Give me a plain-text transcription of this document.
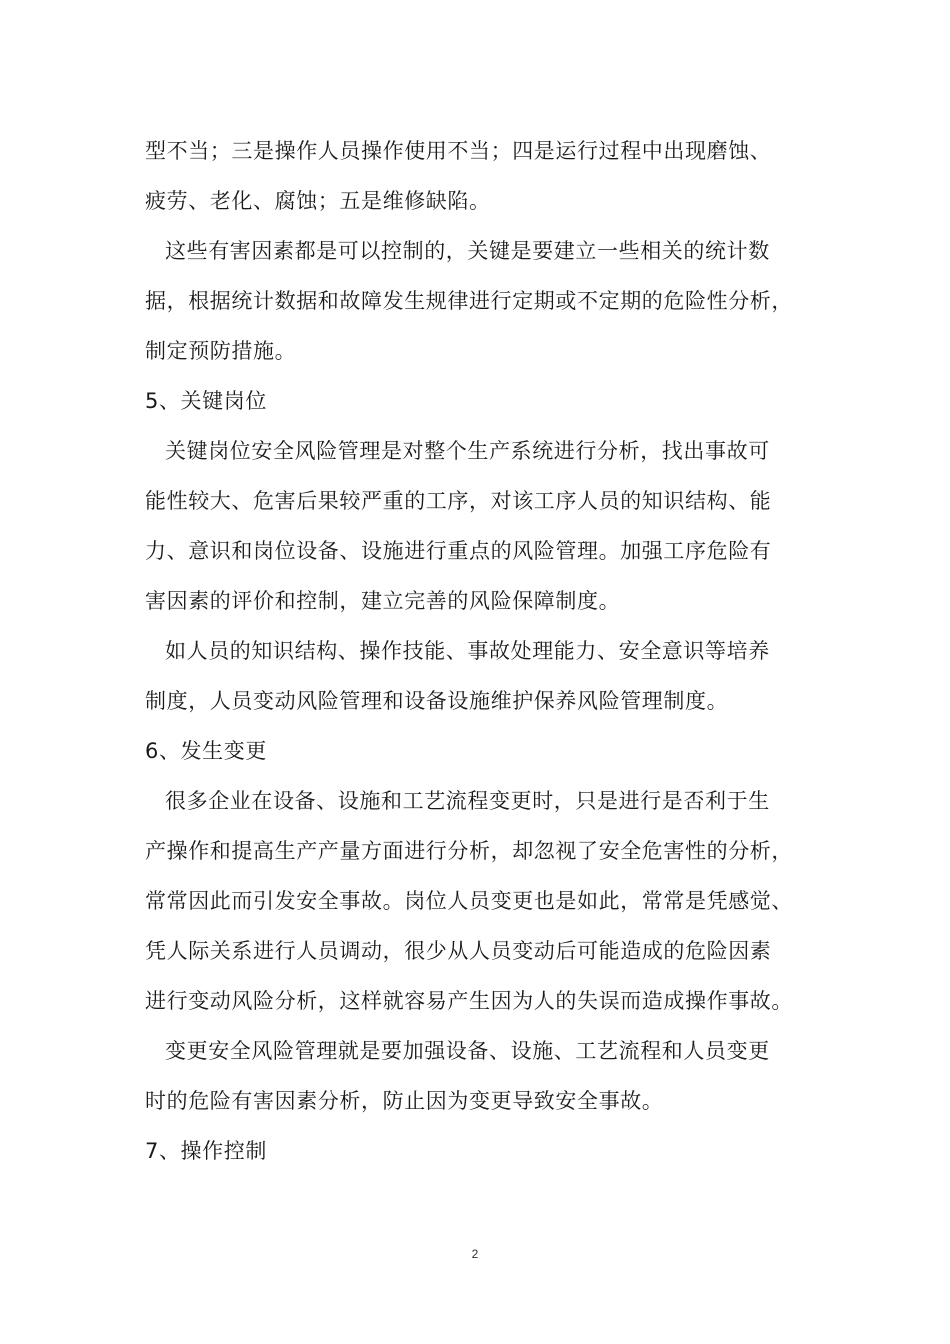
型不当；三是操作人员操作使用不当；四是运行过程中出现磨蚀、
疲劳、老化、腐蚀；五是维修缺陷。
这些有害因素都是可以控制的，关键是要建立一些相关的统计数
据，根据统计数据和故障发生规律进行定期或不定期的危险性分析，
制定预防措施。
5、关键岗位
关键岗位安全风险管理是对整个生产系统进行分析，找出事故可
能性较大、危害后果较严重的工序，对该工序人员的知识结构、能
力、意识和岗位设备、设施进行重点的风险管理。加强工序危险有
害因素的评价和控制，建立完善的风险保障制度。
如人员的知识结构、操作技能、事故处理能力、安全意识等培养
制度，人员变动风险管理和设备设施维护保养风险管理制度。
6、发生变更
很多企业在设备、设施和工艺流程变更时，只是进行是否利于生
产操作和提高生产产量方面进行分析，却忽视了安全危害性的分析，
常常因此而引发安全事故。岗位人员变更也是如此，常常是凭感觉、
凭人际关系进行人员调动，很少从人员变动后可能造成的危险因素
进行变动风险分析，这样就容易产生因为人的失误而造成操作事故。
变更安全风险管理就是要加强设备、设施、工艺流程和人员变更
时的危险有害因素分析，防止因为变更导致安全事故。
7、操作控制
2
